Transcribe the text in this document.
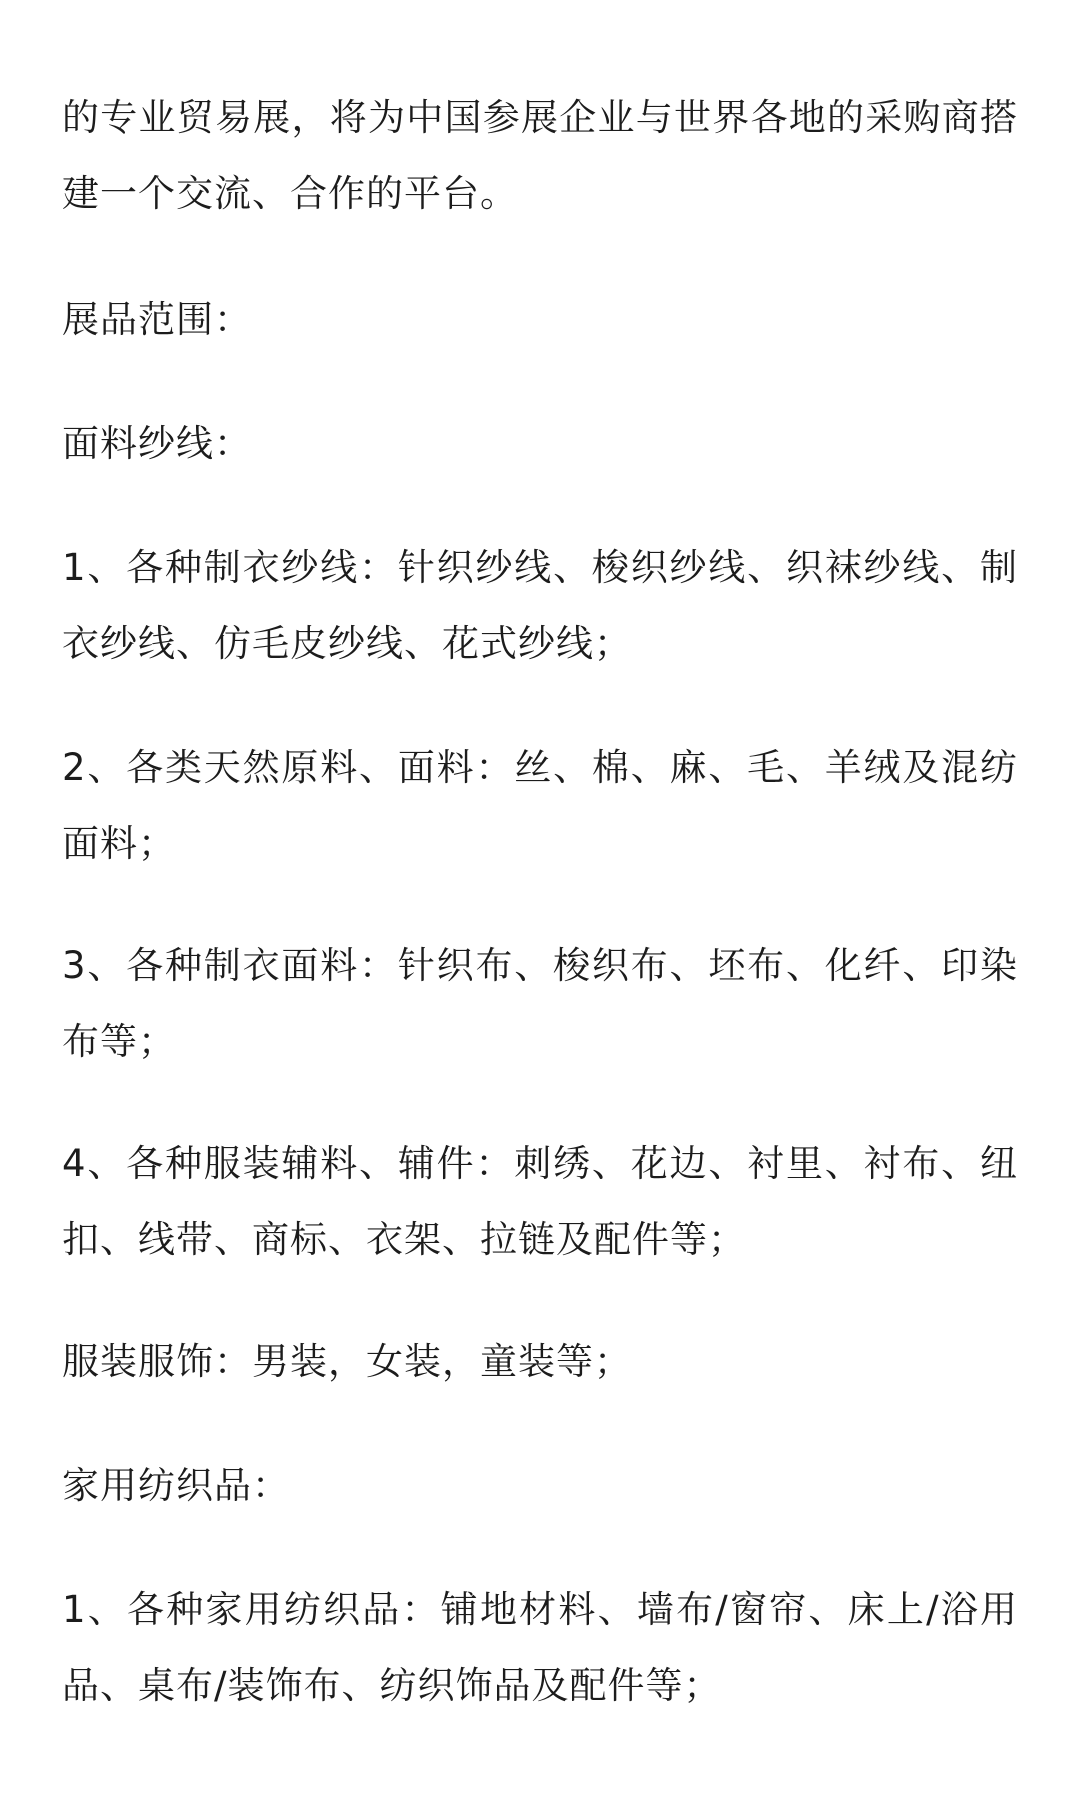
的专业贸易展，将为中国参展企业与世界各地的采购商搭建一个交流、合作的平台。

展品范围：

面料纱线：

1、各种制衣纱线：针织纱线、梭织纱线、织袜纱线、制衣纱线、仿毛皮纱线、花式纱线；

2、各类天然原料、面料：丝、棉、麻、毛、羊绒及混纺面料；

3、各种制衣面料：针织布、梭织布、坯布、化纤、印染布等；

4、各种服装辅料、辅件：刺绣、花边、衬里、衬布、纽扣、线带、商标、衣架、拉链及配件等；

服装服饰：男装，女装，童装等；

家用纺织品：

1、各种家用纺织品：铺地材料、墙布/窗帘、床上/浴用品、桌布/装饰布、纺织饰品及配件等；
